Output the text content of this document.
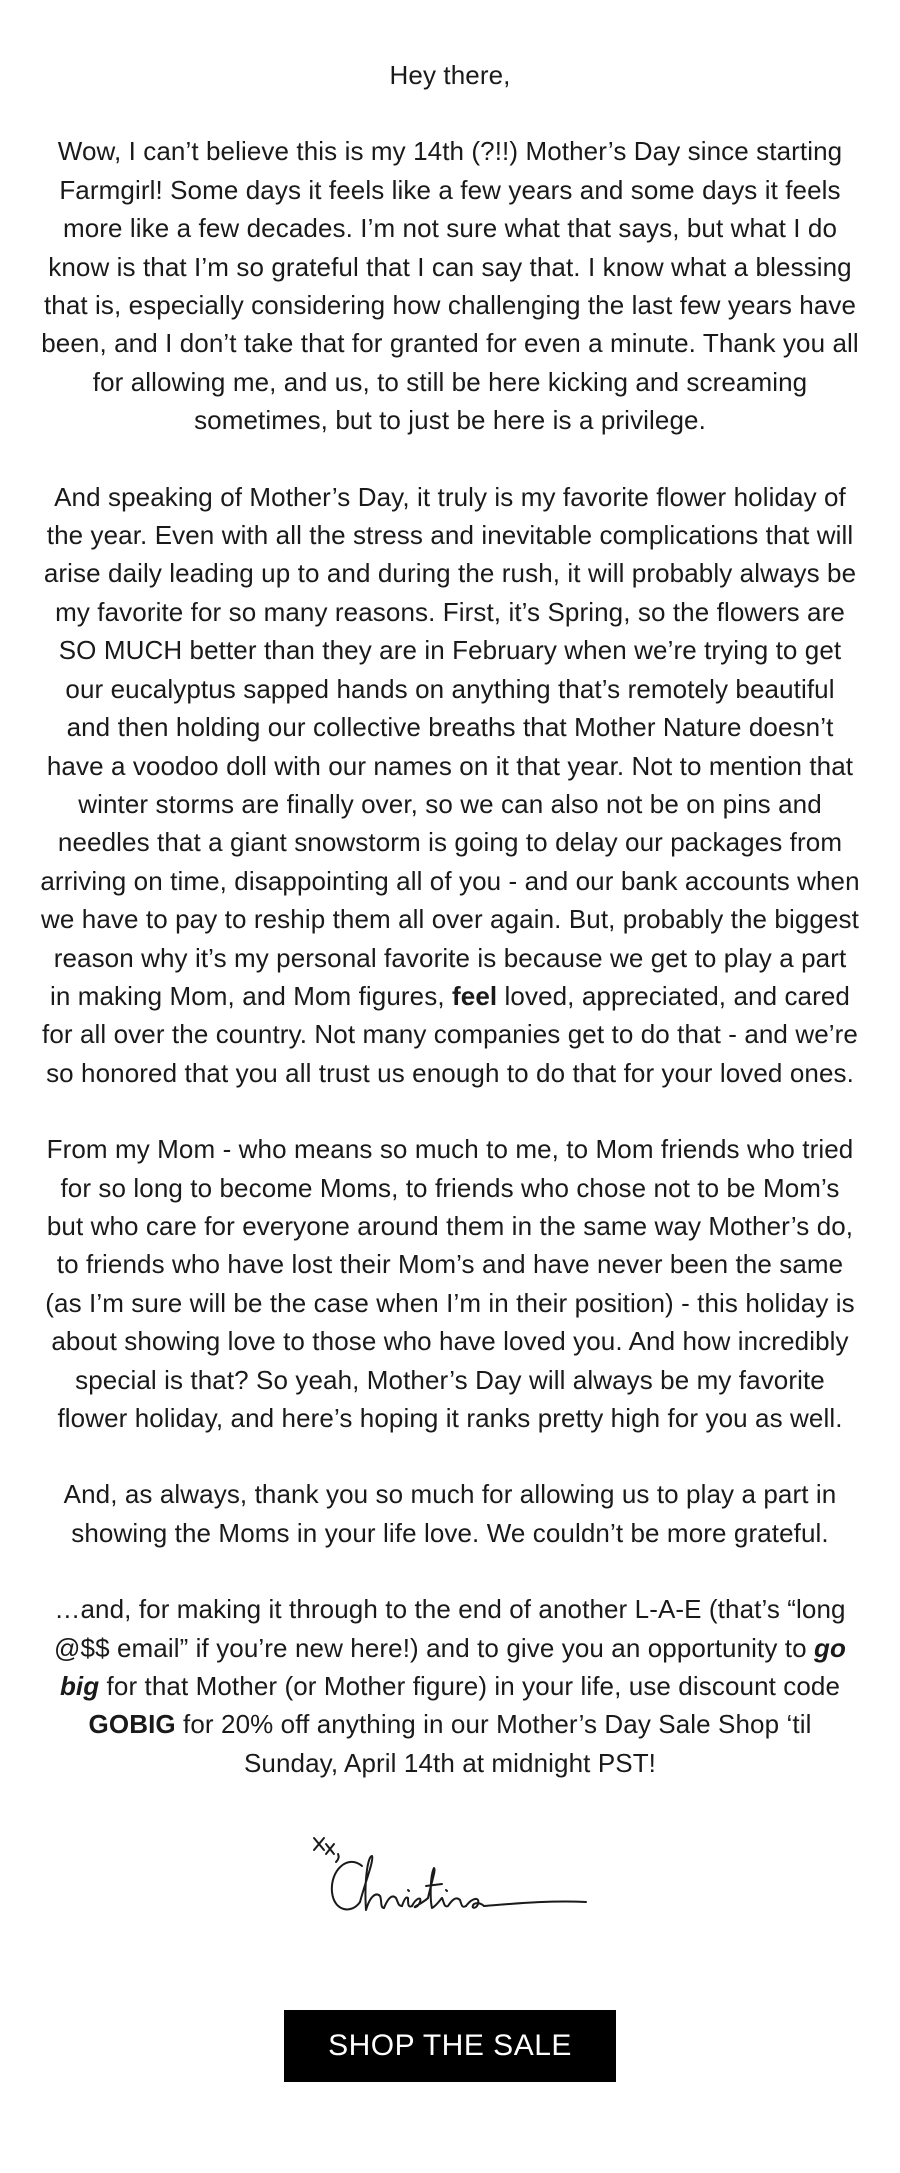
Hey there,

Wow, I can’t believe this is my 14th (?!!) Mother’s Day since starting Farmgirl! Some days it feels like a few years and some days it feels more like a few decades. I’m not sure what that says, but what I do know is that I’m so grateful that I can say that. I know what a blessing that is, especially considering how challenging the last few years have been, and I don’t take that for granted for even a minute. Thank you all for allowing me, and us, to still be here kicking and screaming sometimes, but to just be here is a privilege.

And speaking of Mother’s Day, it truly is my favorite flower holiday of the year. Even with all the stress and inevitable complications that will arise daily leading up to and during the rush, it will probably always be my favorite for so many reasons. First, it’s Spring, so the flowers are SO MUCH better than they are in February when we’re trying to get our eucalyptus sapped hands on anything that’s remotely beautiful and then holding our collective breaths that Mother Nature doesn’t have a voodoo doll with our names on it that year. Not to mention that winter storms are finally over, so we can also not be on pins and needles that a giant snowstorm is going to delay our packages from arriving on time, disappointing all of you - and our bank accounts when we have to pay to reship them all over again. But, probably the biggest reason why it’s my personal favorite is because we get to play a part in making Mom, and Mom figures, feel loved, appreciated, and cared for all over the country. Not many companies get to do that - and we’re so honored that you all trust us enough to do that for your loved ones.

From my Mom - who means so much to me, to Mom friends who tried for so long to become Moms, to friends who chose not to be Mom’s but who care for everyone around them in the same way Mother’s do, to friends who have lost their Mom’s and have never been the same (as I’m sure will be the case when I’m in their position) - this holiday is about showing love to those who have loved you. And how incredibly special is that? So yeah, Mother’s Day will always be my favorite flower holiday, and here’s hoping it ranks pretty high for you as well.

And, as always, thank you so much for allowing us to play a part in showing the Moms in your life love. We couldn’t be more grateful.

…and, for making it through to the end of another L-A-E (that’s “long @$$ email” if you’re new here!) and to give you an opportunity to go big for that Mother (or Mother figure) in your life, use discount code GOBIG for 20% off anything in our Mother’s Day Sale Shop ‘til Sunday, April 14th at midnight PST!

SHOP THE SALE
